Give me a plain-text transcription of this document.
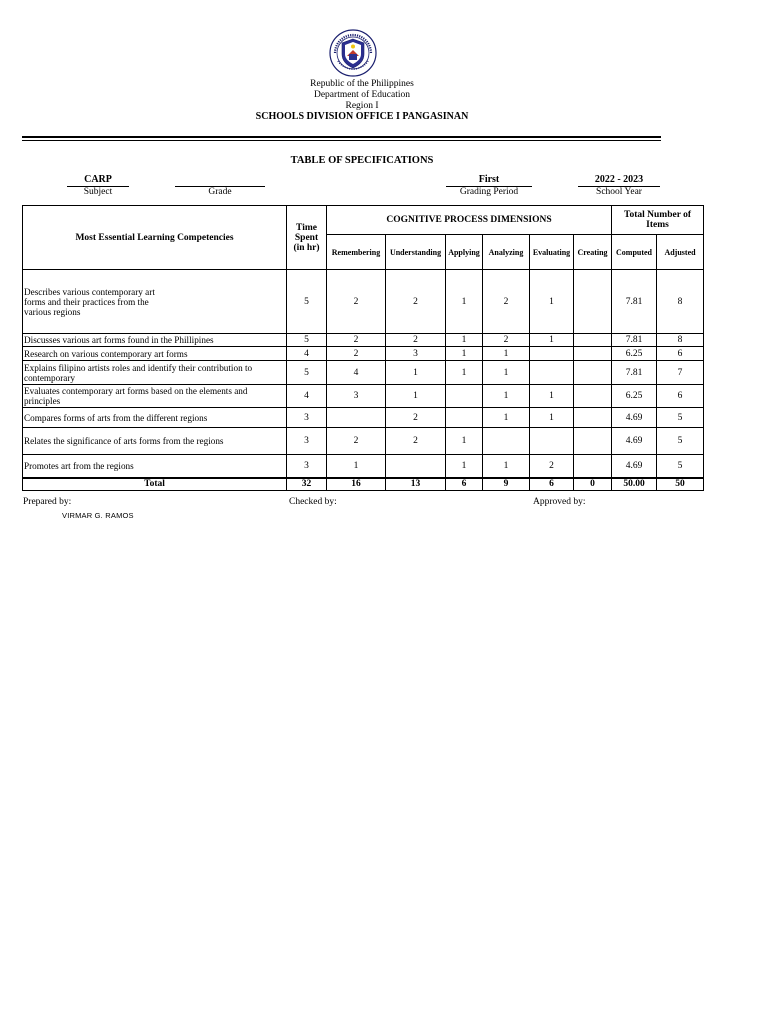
Republic of the Philippines
Department of Education
Region I
SCHOOLS DIVISION OFFICE I PANGASINAN
TABLE OF SPECIFICATIONS
CARP
Subject	Grade
First
Grading Period
2022 - 2023
School Year
Most Essential Learning Competencies	Time
Spent
(in hr)	COGNITIVE PROCESS DIMENSIONS						Total Number of
Items	
		Remembering	Understanding	Applying	Analyzing	Evaluating	Creating	Computed	Adjusted
Describes various contemporary art
forms and their practices from the
various regions	5	2	2	1	2	1		7.81	8
Discusses various art forms found in the Phillipines	5	2	2	1	2	1		7.81	8
Research on various contemporary art forms	4	2	3	1	1			6.25	6
Explains filipino artists roles and identify their contribution to
contemporary	5	4	1	1	1			7.81	7
Evaluates contemporary art forms based on the elements and
principles	4	3	1		1	1		6.25	6
Compares forms of arts from the different regions	3		2		1	1		4.69	5
Relates the significance of arts forms from the regions	3	2	2	1				4.69	5
Promotes art from the regions	3	1		1	1	2		4.69	5
Total	32	16	13	6	9	6	0	50.00	50
Prepared by:
VIRMAR G. RAMOS
Checked by:	Approved by:
